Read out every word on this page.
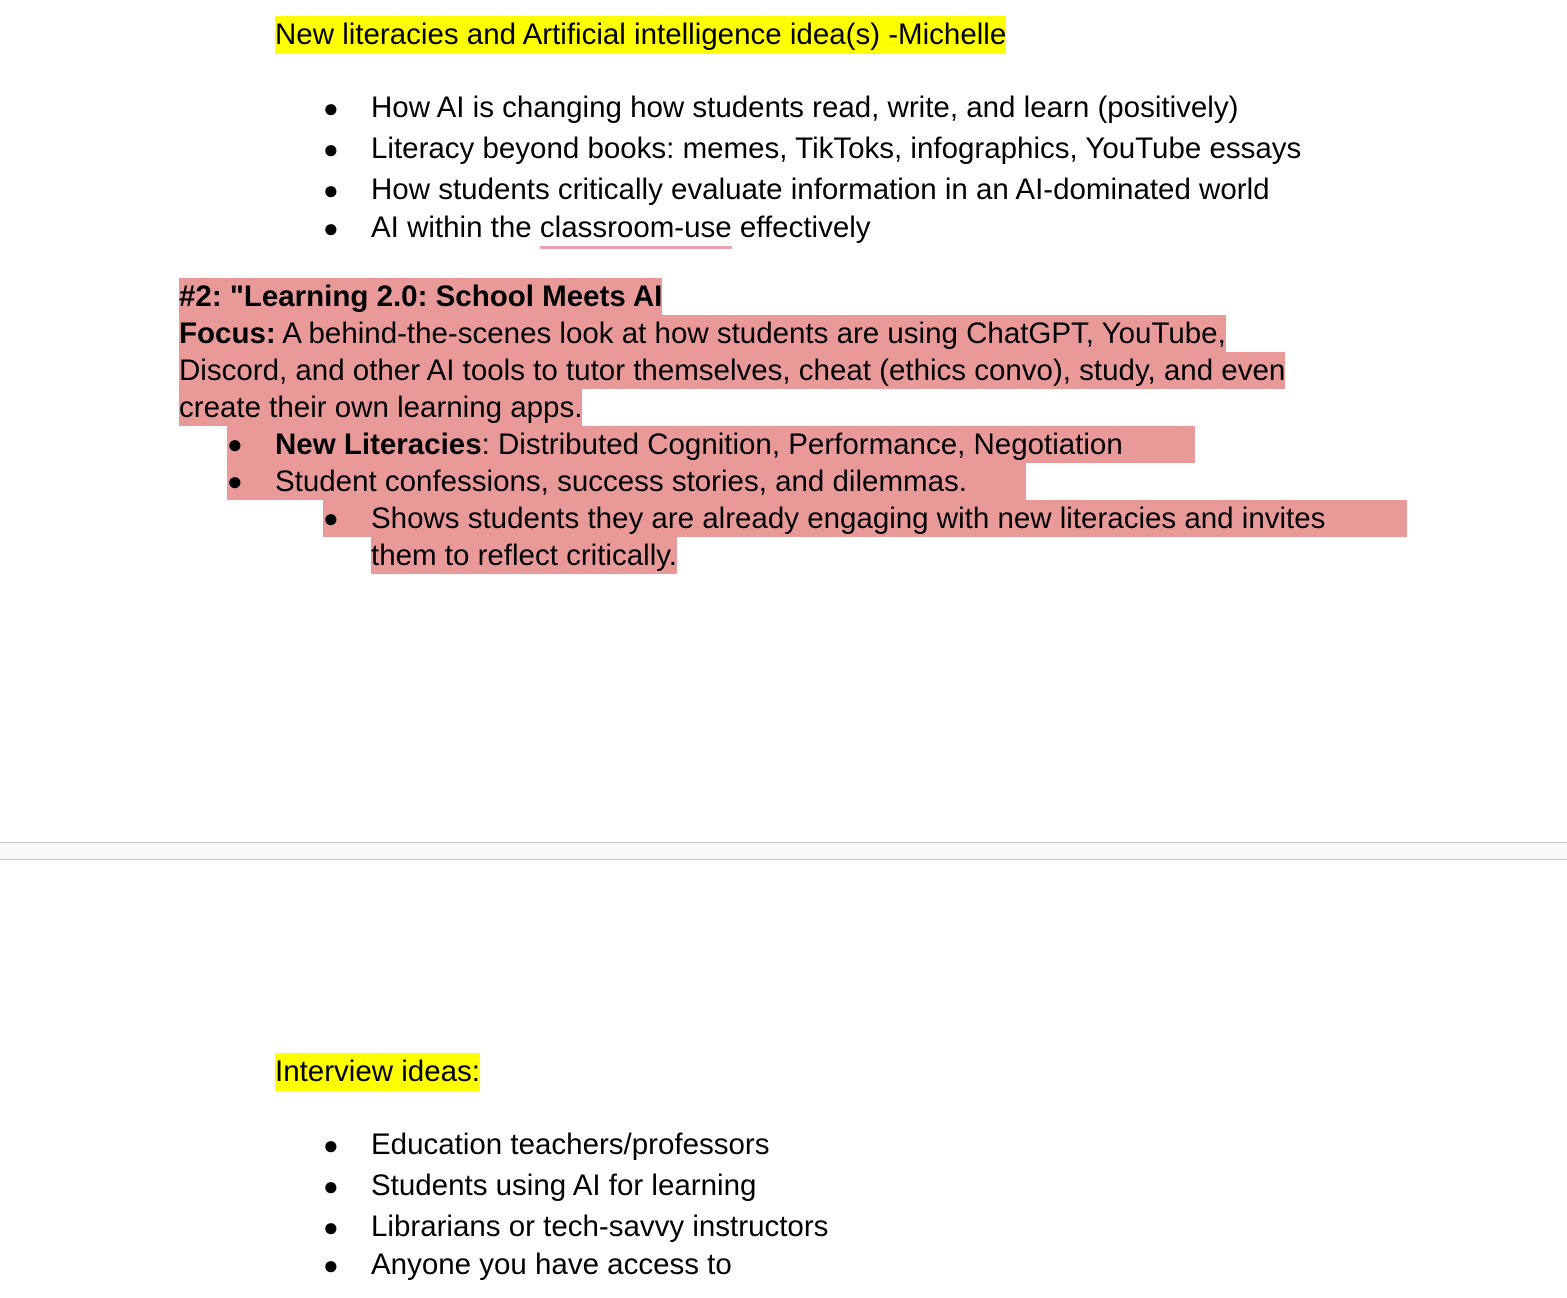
New literacies and Artificial intelligence idea(s) -Michelle
● How AI is changing how students read, write, and learn (positively)
● Literacy beyond books: memes, TikToks, infographics, YouTube essays
● How students critically evaluate information in an AI-dominated world
● AI within the classroom-use effectively
#2: "Learning 2.0: School Meets AI
Focus: A behind-the-scenes look at how students are using ChatGPT, YouTube,
Discord, and other AI tools to tutor themselves, cheat (ethics convo), study, and even
create their own learning apps.
● New Literacies: Distributed Cognition, Performance, Negotiation
● Student confessions, success stories, and dilemmas.
● Shows students they are already engaging with new literacies and invites
them to reflect critically.
Interview ideas:
● Education teachers/professors
● Students using AI for learning
● Librarians or tech-savvy instructors
● Anyone you have access to
